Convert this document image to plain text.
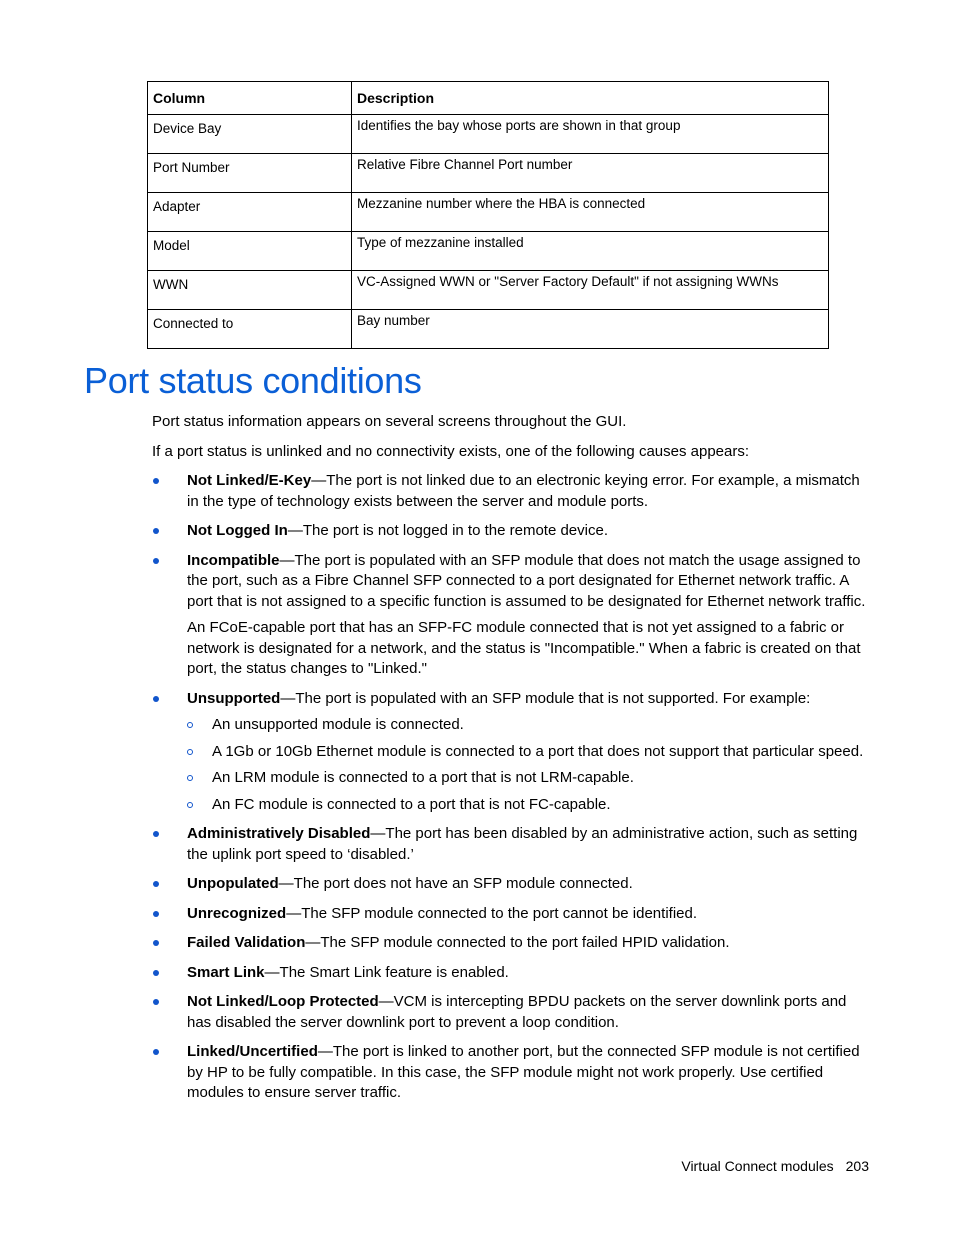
Column	Description
Device Bay	Identifies the bay whose ports are shown in that group
Port Number	Relative Fibre Channel Port number
Adapter	Mezzanine number where the HBA is connected
Model	Type of mezzanine installed
WWN	VC-Assigned WWN or "Server Factory Default" if not assigning WWNs
Connected to	Bay number
Port status conditions

Port status information appears on several screens throughout the GUI.

If a port status is unlinked and no connectivity exists, one of the following causes appears:

Not Linked/E-Key—The port is not linked due to an electronic keying error. For example, a mismatch in the type of technology exists between the server and module ports.
Not Logged In—The port is not logged in to the remote device.
Incompatible—The port is populated with an SFP module that does not match the usage assigned to the port, such as a Fibre Channel SFP connected to a port designated for Ethernet network traffic. A port that is not assigned to a specific function is assumed to be designated for Ethernet network traffic.
An FCoE-capable port that has an SFP-FC module connected that is not yet assigned to a fabric or network is designated for a network, and the status is "Incompatible." When a fabric is created on that port, the status changes to "Linked."
Unsupported—The port is populated with an SFP module that is not supported. For example:
An unsupported module is connected.
A 1Gb or 10Gb Ethernet module is connected to a port that does not support that particular speed.
An LRM module is connected to a port that is not LRM-capable.
An FC module is connected to a port that is not FC-capable.
Administratively Disabled—The port has been disabled by an administrative action, such as setting the uplink port speed to ‘disabled.’
Unpopulated—The port does not have an SFP module connected.
Unrecognized—The SFP module connected to the port cannot be identified.
Failed Validation—The SFP module connected to the port failed HPID validation.
Smart Link—The Smart Link feature is enabled.
Not Linked/Loop Protected—VCM is intercepting BPDU packets on the server downlink ports and has disabled the server downlink port to prevent a loop condition.
Linked/Uncertified—The port is linked to another port, but the connected SFP module is not certified by HP to be fully compatible. In this case, the SFP module might not work properly. Use certified modules to ensure server traffic.
Virtual Connect modules 203
